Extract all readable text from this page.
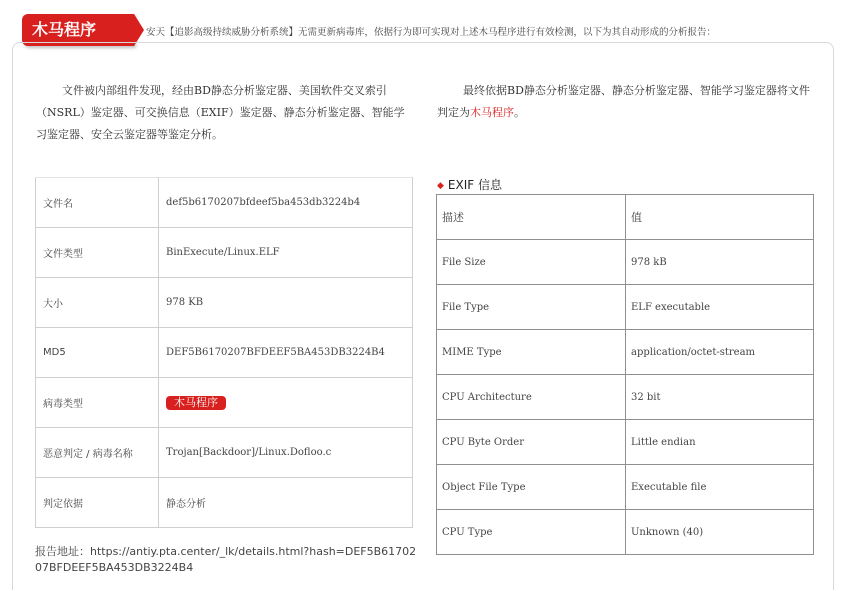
木马程序	安天【追影高级持续威胁分析系统】无需更新病毒库，依据行为即可实现对上述木马程序进行有效检测，以下为其自动形成的分析报告：
文件被内部组件发现，经由BD静态分析鉴定器、美国软件交叉索引（NSRL）鉴定器、可交换信息（EXIF）鉴定器、静态分析鉴定器、智能学习鉴定器、安全云鉴定器等鉴定分析。
最终依据BD静态分析鉴定器、静态分析鉴定器、智能学习鉴定器将文件判定为木马程序。
文件名	def5b6170207bfdeef5ba453db3224b4
文件类型	BinExecute/Linux.ELF
大小	978 KB
MD5	DEF5B6170207BFDEEF5BA453DB3224B4
病毒类型	木马程序
恶意判定 / 病毒名称	Trojan[Backdoor]/Linux.Dofloo.c
判定依据	静态分析
◆ EXIF 信息
描述	值
File Size	978 kB
File Type	ELF executable
MIME Type	application/octet-stream
CPU Architecture	32 bit
CPU Byte Order	Little endian
Object File Type	Executable file
CPU Type	Unknown (40)
报告地址：https://antiy.pta.center/_lk/details.html?hash=DEF5B6170207BFDEEF5BA453DB3224B4
